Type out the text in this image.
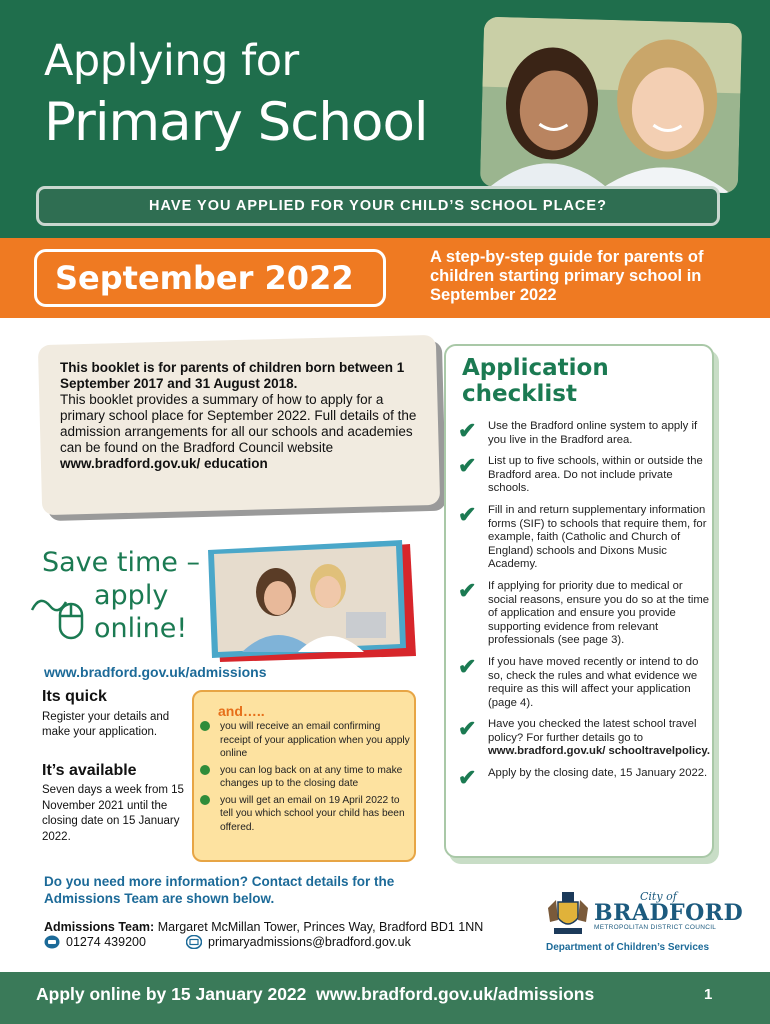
Applying for
Primary School
HAVE YOU APPLIED FOR YOUR CHILD’S SCHOOL PLACE?
September 2022
A step-by-step guide for parents of children starting primary school in September 2022
This booklet is for parents of children born between 1 September 2017 and 31 August 2018.
This booklet provides a summary of how to apply for a primary school place for September 2022. Full details of the admission arrangements for all our schools and academies can be found on the Bradford Council website www.bradford.gov.uk/ education
Save time –
apply
online!
www.bradford.gov.uk/admissions
Its quick
Register your details and make your application.
It’s available
Seven days a week from 15 November 2021 until the closing date on 15 January 2022.
and…..
you will receive an email confirming receipt of your application when you apply online
you can log back on at any time to make changes up to the closing date
you will get an email on 19 April 2022 to tell you which school your child has been offered.
Application
checklist
✔	Use the Bradford online system to apply if you live in the Bradford area.
✔	List up to five schools, within or outside the Bradford area. Do not include private schools.
✔	Fill in and return supplementary information forms (SIF) to schools that require them, for example, faith (Catholic and Church of England) schools and Dixons Music Academy.
✔	If applying for priority due to medical or social reasons, ensure you do so at the time of application and ensure you provide supporting evidence from relevant professionals (see page 3).
✔	If you have moved recently or intend to do so, check the rules and what evidence we require as this will affect your application (page 4).
✔	Have you checked the latest school travel policy? For further details go to www.bradford.gov.uk/ schooltravelpolicy.
✔	Apply by the closing date, 15 January 2022.
Do you need more information? Contact details for the Admissions Team are shown below.
Admissions Team: Margaret McMillan Tower, Princes Way, Bradford BD1 1NN
01274 439200	primaryadmissions@bradford.gov.uk
City of
BRADFORD
METROPOLITAN DISTRICT COUNCIL
Department of Children’s Services
Apply online by 15 January 2022  www.bradford.gov.uk/admissions	1
